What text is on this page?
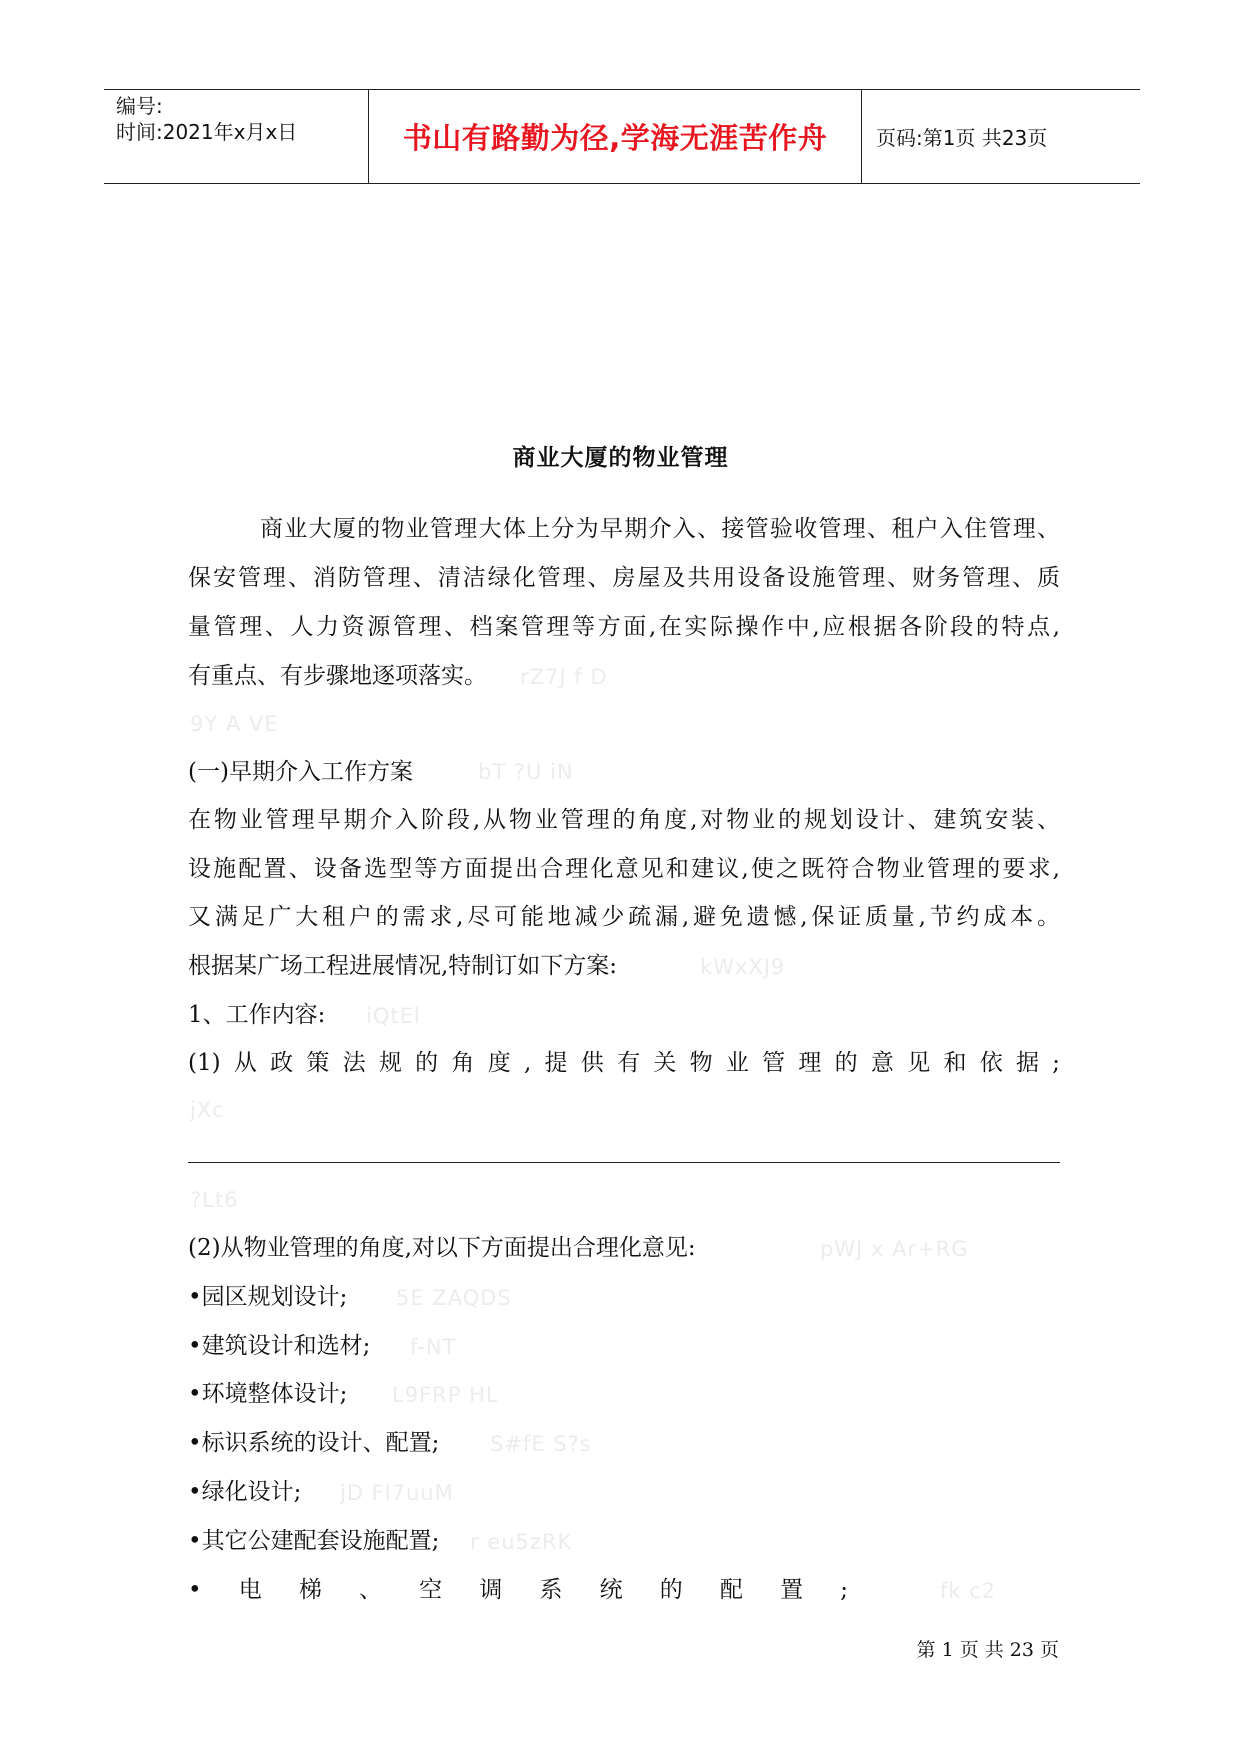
编号:
时间:2021年x月x日	书山有路勤为径,学海无涯苦作舟 页码:第1页 共23页
商业大厦的物业管理
商业大厦的物业管理大体上分为早期介入、接管验收管理、租户入住管理、
保安管理、消防管理、清洁绿化管理、房屋及共用设备设施管理、财务管理、质
量管理、人力资源管理、档案管理等方面,在实际操作中,应根据各阶段的特点,
有重点、有步骤地逐项落实。 rZ7J f D
9Y A VE
(一)早期介入工作方案	bT ?U iN
在物业管理早期介入阶段,从物业管理的角度,对物业的规划设计、建筑安装、
设施配置、设备选型等方面提出合理化意见和建议,使之既符合物业管理的要求,
又满足广大租户的需求,尽可能地减少疏漏,避免遗憾,保证质量,节约成本。
根据某广场工程进展情况,特制订如下方案:	kWxXJ9
1、工作内容: iQtEl
(1)从政策法规的角度,提供有关物业管理的意见和依据;
jXc
?Lt6
(2)从物业管理的角度,对以下方面提出合理化意见:	pWJ x Ar+RG
•园区规划设计; 5E ZAQDS
•建筑设计和选材; f-NT
•环境整体设计; L9FRP HL
•标识系统的设计、配置; S#fE S?s
•绿化设计; jD Fl7uuM
•其它公建配套设施配置; r eu5zRK
•电梯、空调系统的配置;	fk c2
第 1 页 共 23 页
